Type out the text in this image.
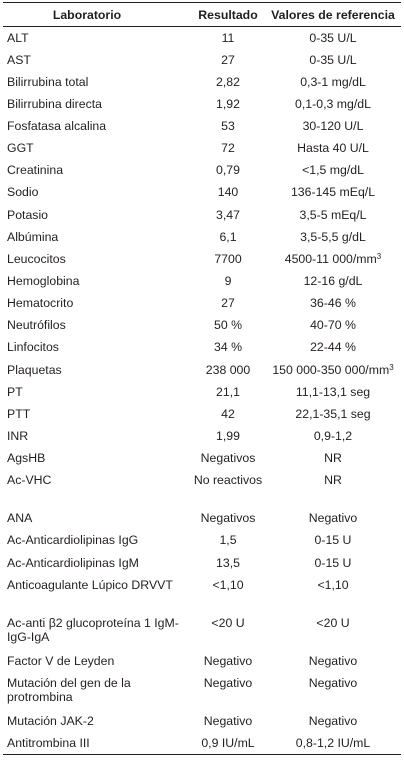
Laboratorio	Resultado	Valores de referencia
ALT	11	0-35 U/L
AST	27	0-35 U/L
Bilirrubina total	2,82	0,3-1 mg/dL
Bilirrubina directa	1,92	0,1-0,3 mg/dL
Fosfatasa alcalina	53	30-120 U/L
GGT	72	Hasta 40 U/L
Creatinina	0,79	<1,5 mg/dL
Sodio	140	136-145 mEq/L
Potasio	3,47	3,5-5 mEq/L
Albúmina	6,1	3,5-5,5 g/dL
Leucocitos	7700	4500-11 $000/mm^3$
Hemoglobina	9	12-16 g/dL
Hematocrito	27	36-46 %
Neutrófilos	50 %	40-70 %
Linfocitos	34 %	22-44 %
Plaquetas	238 000	150 000-350 $000/mm^3$
PT	21,1	11,1-13,1 seg
PTT	42	22,1-35,1 seg
INR	1,99	0,9-1,2
AgsHB	Negativos	NR
Ac-VHC	No reactivos	NR
ANA	Negativos	Negativo
Ac-Anticardiolipinas IgG	1,5	0-15 U
Ac-Anticardiolipinas IgM	13,5	0-15 U
Anticoagulante Lúpico DRVVT	<1,10	<1,10
Ac-anti β2 glucoproteína 1 IgM-IgG-IgA	<20 U	<20 U
Factor V de Leyden	Negativo	Negativo
Mutación del gen de la protrombina	Negativo	Negativo
Mutación JAK-2	Negativo	Negativo
Antitrombina III	0,9 IU/mL	0,8-1,2 IU/mL
